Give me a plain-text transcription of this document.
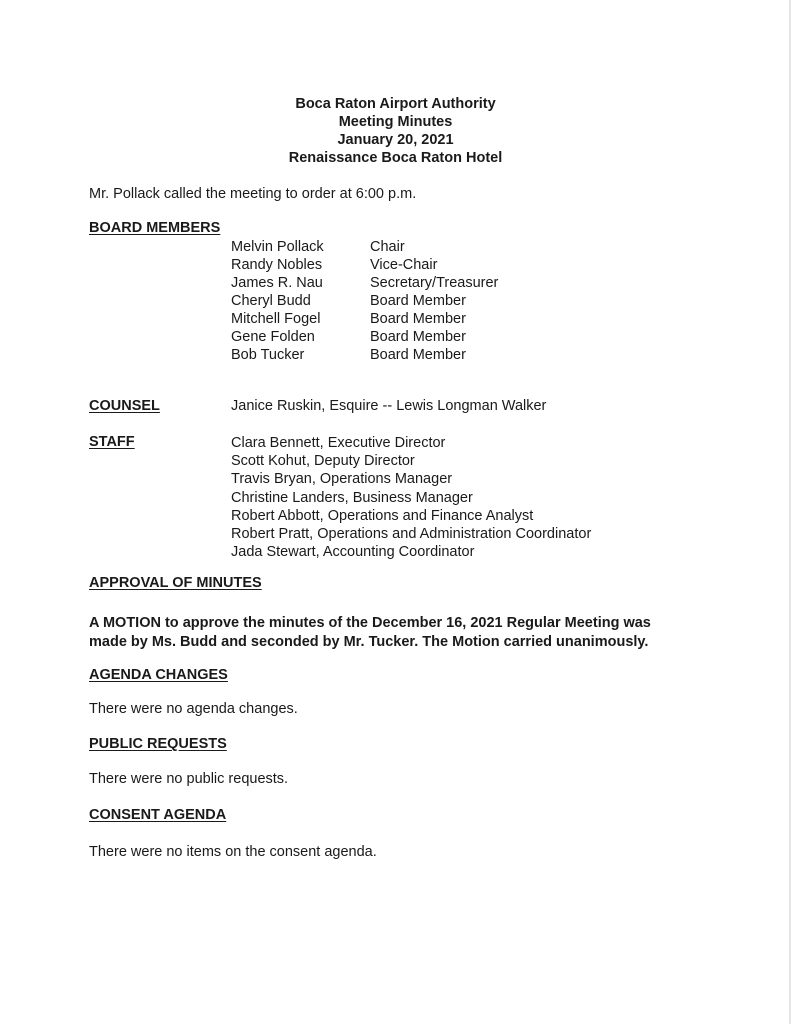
Boca Raton Airport Authority
Meeting Minutes
January 20, 2021
Renaissance Boca Raton Hotel
Mr. Pollack called the meeting to order at 6:00 p.m.
BOARD MEMBERS
Melvin Pollack	Chair
Randy Nobles	Vice-Chair
James R. Nau	Secretary/Treasurer
Cheryl Budd	Board Member
Mitchell Fogel	Board Member
Gene Folden	Board Member
Bob Tucker	Board Member
COUNSEL	Janice Ruskin, Esquire -- Lewis Longman Walker
STAFF	Clara Bennett, Executive Director
Scott Kohut, Deputy Director
Travis Bryan, Operations Manager
Christine Landers, Business Manager
Robert Abbott, Operations and Finance Analyst
Robert Pratt, Operations and Administration Coordinator
Jada Stewart, Accounting Coordinator
APPROVAL OF MINUTES
A MOTION to approve the minutes of the December 16, 2021 Regular Meeting was
made by Ms. Budd and seconded by Mr. Tucker. The Motion carried unanimously.
AGENDA CHANGES
There were no agenda changes.
PUBLIC REQUESTS
There were no public requests.
CONSENT AGENDA
There were no items on the consent agenda.
